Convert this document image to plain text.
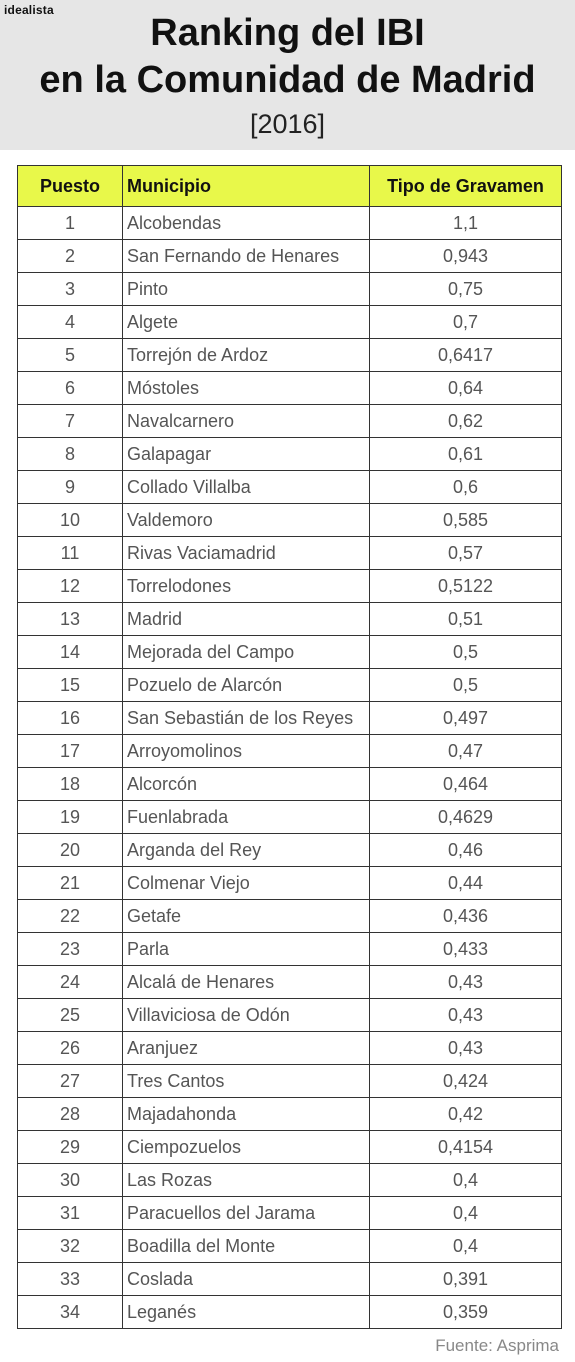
idealista
Ranking del IBI
en la Comunidad de Madrid
[2016]
Puesto	Municipio	Tipo de Gravamen
1	Alcobendas	1,1
2	San Fernando de Henares	0,943
3	Pinto	0,75
4	Algete	0,7
5	Torrejón de Ardoz	0,6417
6	Móstoles	0,64
7	Navalcarnero	0,62
8	Galapagar	0,61
9	Collado Villalba	0,6
10	Valdemoro	0,585
11	Rivas Vaciamadrid	0,57
12	Torrelodones	0,5122
13	Madrid	0,51
14	Mejorada del Campo	0,5
15	Pozuelo de Alarcón	0,5
16	San Sebastián de los Reyes	0,497
17	Arroyomolinos	0,47
18	Alcorcón	0,464
19	Fuenlabrada	0,4629
20	Arganda del Rey	0,46
21	Colmenar Viejo	0,44
22	Getafe	0,436
23	Parla	0,433
24	Alcalá de Henares	0,43
25	Villaviciosa de Odón	0,43
26	Aranjuez	0,43
27	Tres Cantos	0,424
28	Majadahonda	0,42
29	Ciempozuelos	0,4154
30	Las Rozas	0,4
31	Paracuellos del Jarama	0,4
32	Boadilla del Monte	0,4
33	Coslada	0,391
34	Leganés	0,359
Fuente: Asprima
